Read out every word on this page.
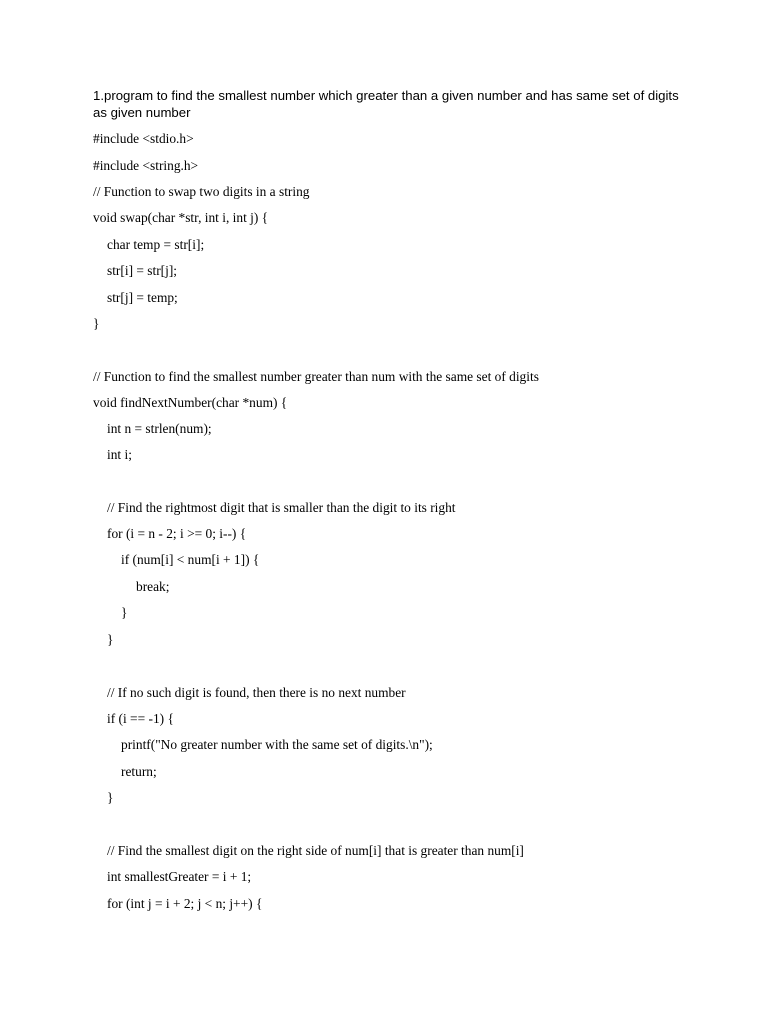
1.program to find the smallest number which greater than a given number and has same set of digits as given number
#include <stdio.h>
#include <string.h>
// Function to swap two digits in a string
void swap(char *str, int i, int j) {
char temp = str[i];
str[i] = str[j];
str[j] = temp;
}
// Function to find the smallest number greater than num with the same set of digits
void findNextNumber(char *num) {
int n = strlen(num);
int i;
// Find the rightmost digit that is smaller than the digit to its right
for (i = n - 2; i >= 0; i--) {
if (num[i] < num[i + 1]) {
break;
}
}
// If no such digit is found, then there is no next number
if (i == -1) {
printf("No greater number with the same set of digits.\n");
return;
}
// Find the smallest digit on the right side of num[i] that is greater than num[i]
int smallestGreater = i + 1;
for (int j = i + 2; j < n; j++) {
